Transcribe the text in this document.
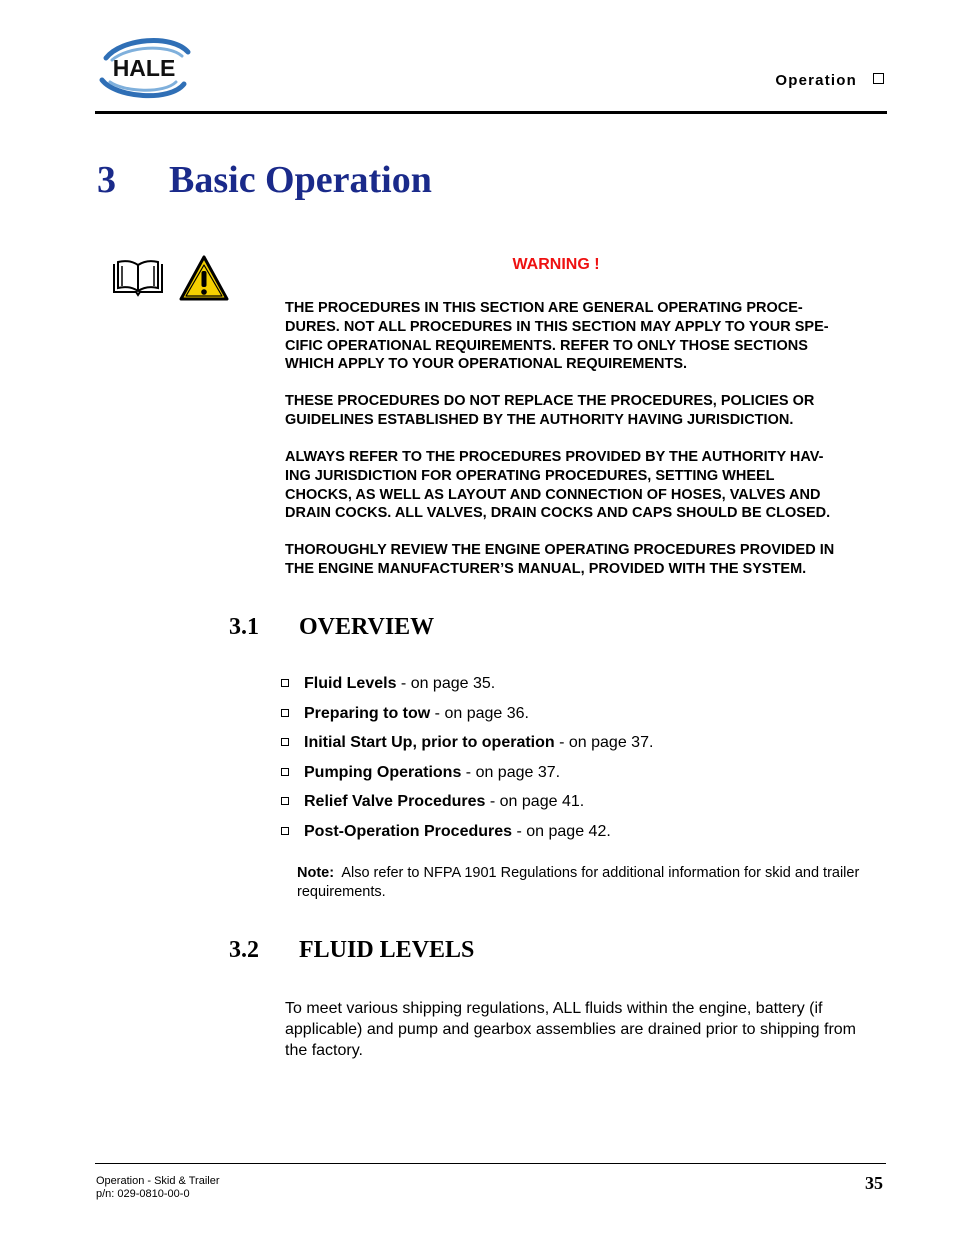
HALE	Operation
3 Basic Operation
WARNING !

THE PROCEDURES IN THIS SECTION ARE GENERAL OPERATING PROCE-
DURES. NOT ALL PROCEDURES IN THIS SECTION MAY APPLY TO YOUR SPE-
CIFIC OPERATIONAL REQUIREMENTS. REFER TO ONLY THOSE SECTIONS
WHICH APPLY TO YOUR OPERATIONAL REQUIREMENTS.

THESE PROCEDURES DO NOT REPLACE THE PROCEDURES, POLICIES OR
GUIDELINES ESTABLISHED BY THE AUTHORITY HAVING JURISDICTION.

ALWAYS REFER TO THE PROCEDURES PROVIDED BY THE AUTHORITY HAV-
ING JURISDICTION FOR OPERATING PROCEDURES, SETTING WHEEL
CHOCKS, AS WELL AS LAYOUT AND CONNECTION OF HOSES, VALVES AND
DRAIN COCKS. ALL VALVES, DRAIN COCKS AND CAPS SHOULD BE CLOSED.

THOROUGHLY REVIEW THE ENGINE OPERATING PROCEDURES PROVIDED IN
THE ENGINE MANUFACTURER’S MANUAL, PROVIDED WITH THE SYSTEM.

3.1 OVERVIEW
Fluid Levels - on page 35.
Preparing to tow - on page 36.
Initial Start Up, prior to operation - on page 37.
Pumping Operations - on page 37.
Relief Valve Procedures - on page 41.
Post-Operation Procedures - on page 42.

Note:  Also refer to NFPA 1901 Regulations for additional information for skid and trailer requirements.

3.2 FLUID LEVELS

To meet various shipping regulations, ALL fluids within the engine, battery (if applicable) and pump and gearbox assemblies are drained prior to shipping from the factory.

Operation - Skid & Trailer
p/n: 029-0810-00-0
35
